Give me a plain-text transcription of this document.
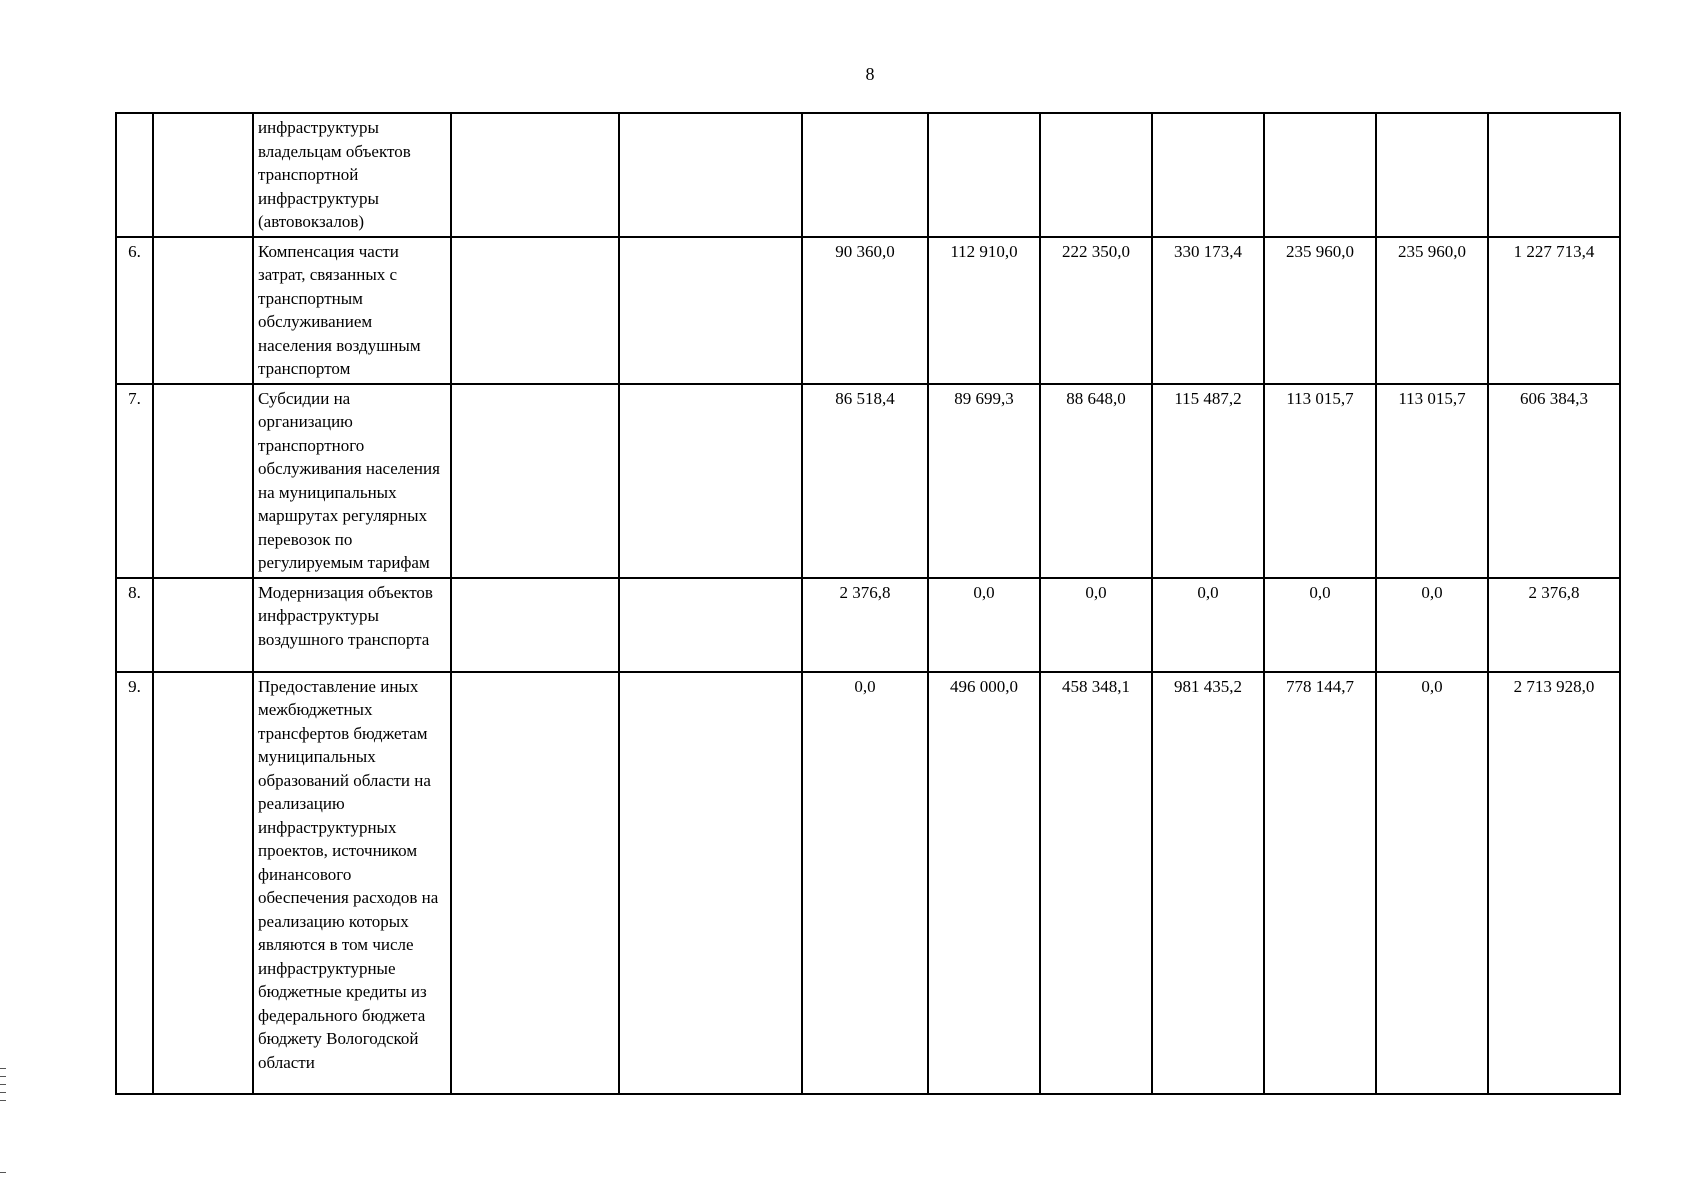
8
		инфраструктуры владельцам объектов транспортной инфраструктуры (автовокзалов)									
6.		Компенсация части затрат, связанных с транспортным обслуживанием населения воздушным транспортом			90 360,0	112 910,0	222 350,0	330 173,4	235 960,0	235 960,0	1 227 713,4
7.		Субсидии на организацию транспортного обслуживания населения на муниципальных маршрутах регулярных перевозок по регулируемым тарифам			86 518,4	89 699,3	88 648,0	115 487,2	113 015,7	113 015,7	606 384,3
8.		Модернизация объектов инфраструктуры воздушного транспорта			2 376,8	0,0	0,0	0,0	0,0	0,0	2 376,8
9.		Предоставление иных межбюджетных трансфертов бюджетам муниципальных образований области на реализацию инфраструктурных проектов, источником финансового обеспечения расходов на реализацию которых являются в том числе инфраструктурные бюджетные кредиты из федерального бюджета бюджету Вологодской области			0,0	496 000,0	458 348,1	981 435,2	778 144,7	0,0	2 713 928,0
